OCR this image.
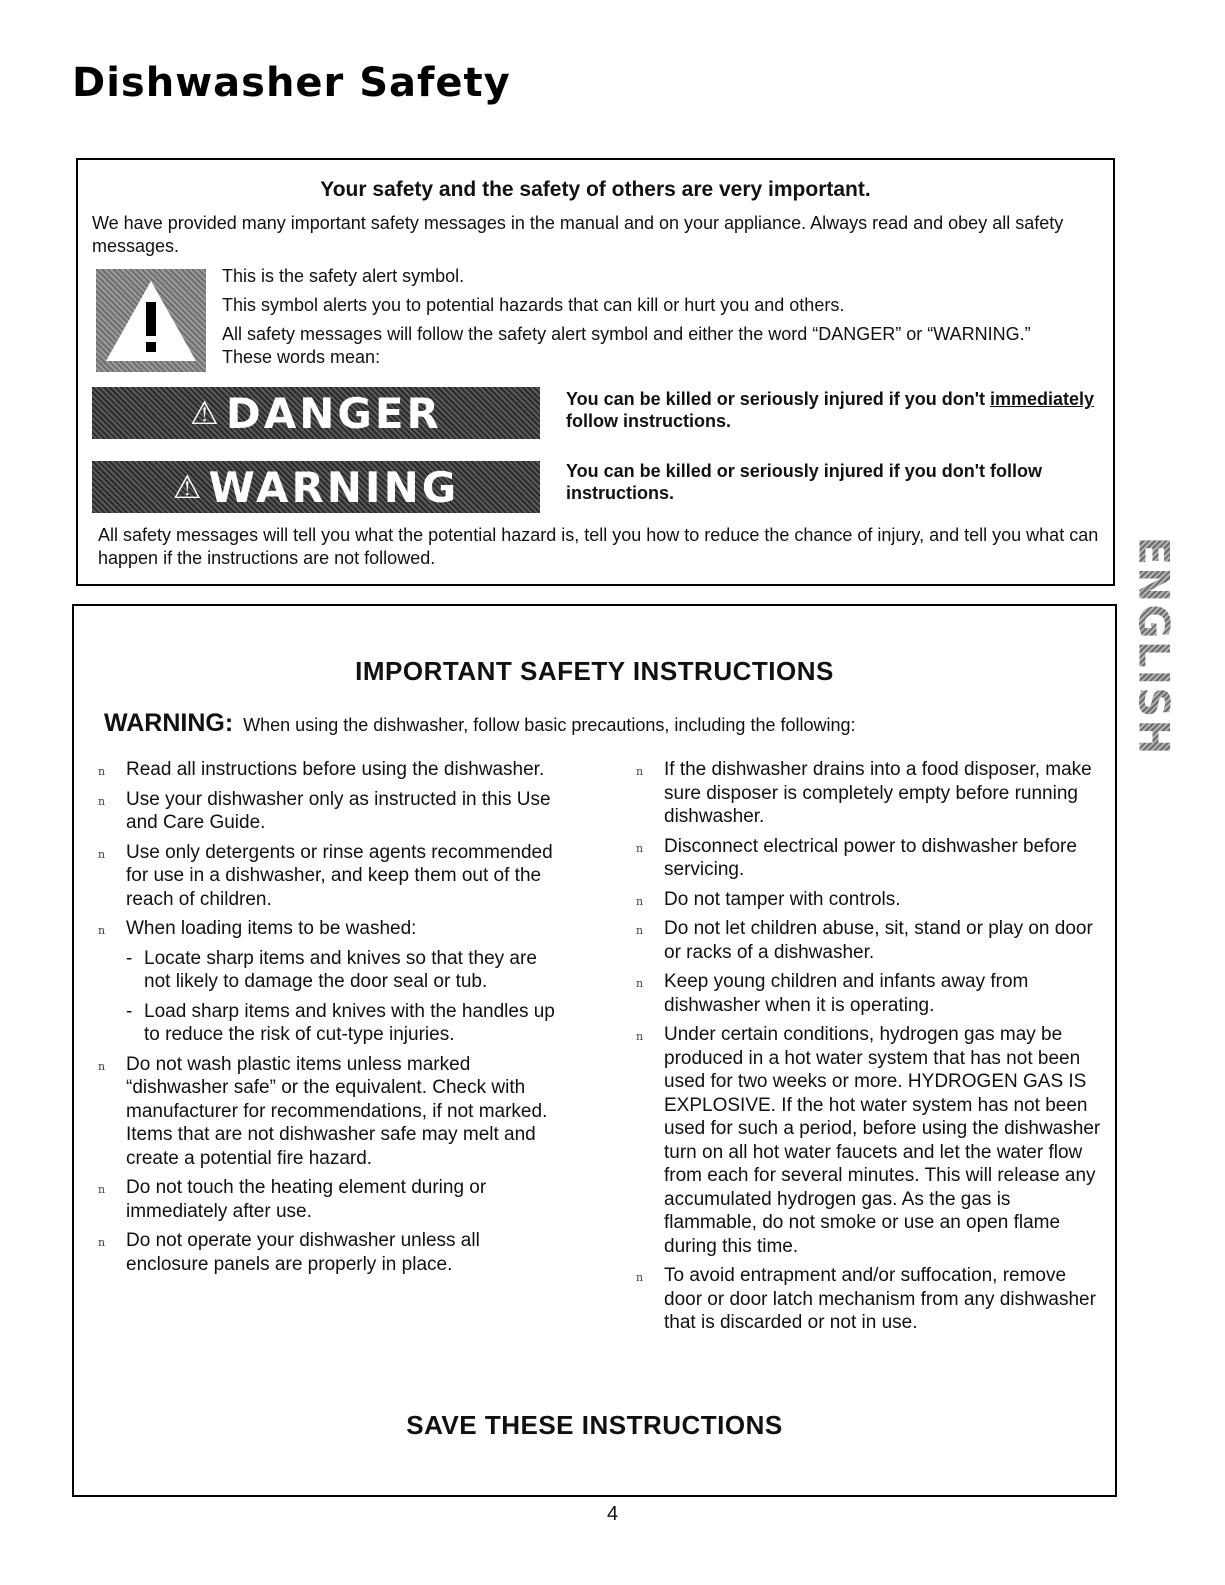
Dishwasher Safety

Your safety and the safety of others are very important.

We have provided many important safety messages in the manual and on your appliance. Always read and obey all safety messages.

This is the safety alert symbol.

This symbol alerts you to potential hazards that can kill or hurt you and others.

All safety messages will follow the safety alert symbol and either the word “DANGER” or “WARNING.” These words mean:

⚠ DANGER	You can be killed or seriously injured if you don't immediately follow instructions.

⚠ WARNING	You can be killed or seriously injured if you don't follow instructions.

All safety messages will tell you what the potential hazard is, tell you how to reduce the chance of injury, and tell you what can happen if the instructions are not followed.	ENGLISH

IMPORTANT SAFETY INSTRUCTIONS

WARNING: When using the dishwasher, follow basic precautions, including the following:

n Read all instructions before using the dishwasher.
n Use your dishwasher only as instructed in this Use and Care Guide.
n Use only detergents or rinse agents recommended for use in a dishwasher, and keep them out of the reach of children.
n When loading items to be washed:
- Locate sharp items and knives so that they are not likely to damage the door seal or tub.
- Load sharp items and knives with the handles up to reduce the risk of cut-type injuries.
n Do not wash plastic items unless marked “dishwasher safe” or the equivalent. Check with manufacturer for recommendations, if not marked. Items that are not dishwasher safe may melt and create a potential fire hazard.
n Do not touch the heating element during or immediately after use.
n Do not operate your dishwasher unless all enclosure panels are properly in place.
n If the dishwasher drains into a food disposer, make sure disposer is completely empty before running dishwasher.
n Disconnect electrical power to dishwasher before servicing.
n Do not tamper with controls.
n Do not let children abuse, sit, stand or play on door or racks of a dishwasher.
n Keep young children and infants away from dishwasher when it is operating.
n Under certain conditions, hydrogen gas may be produced in a hot water system that has not been used for two weeks or more. HYDROGEN GAS IS EXPLOSIVE. If the hot water system has not been used for such a period, before using the dishwasher turn on all hot water faucets and let the water flow from each for several minutes. This will release any accumulated hydrogen gas. As the gas is flammable, do not smoke or use an open flame during this time.
n To avoid entrapment and/or suffocation, remove door or door latch mechanism from any dishwasher that is discarded or not in use.

SAVE THESE INSTRUCTIONS

4
